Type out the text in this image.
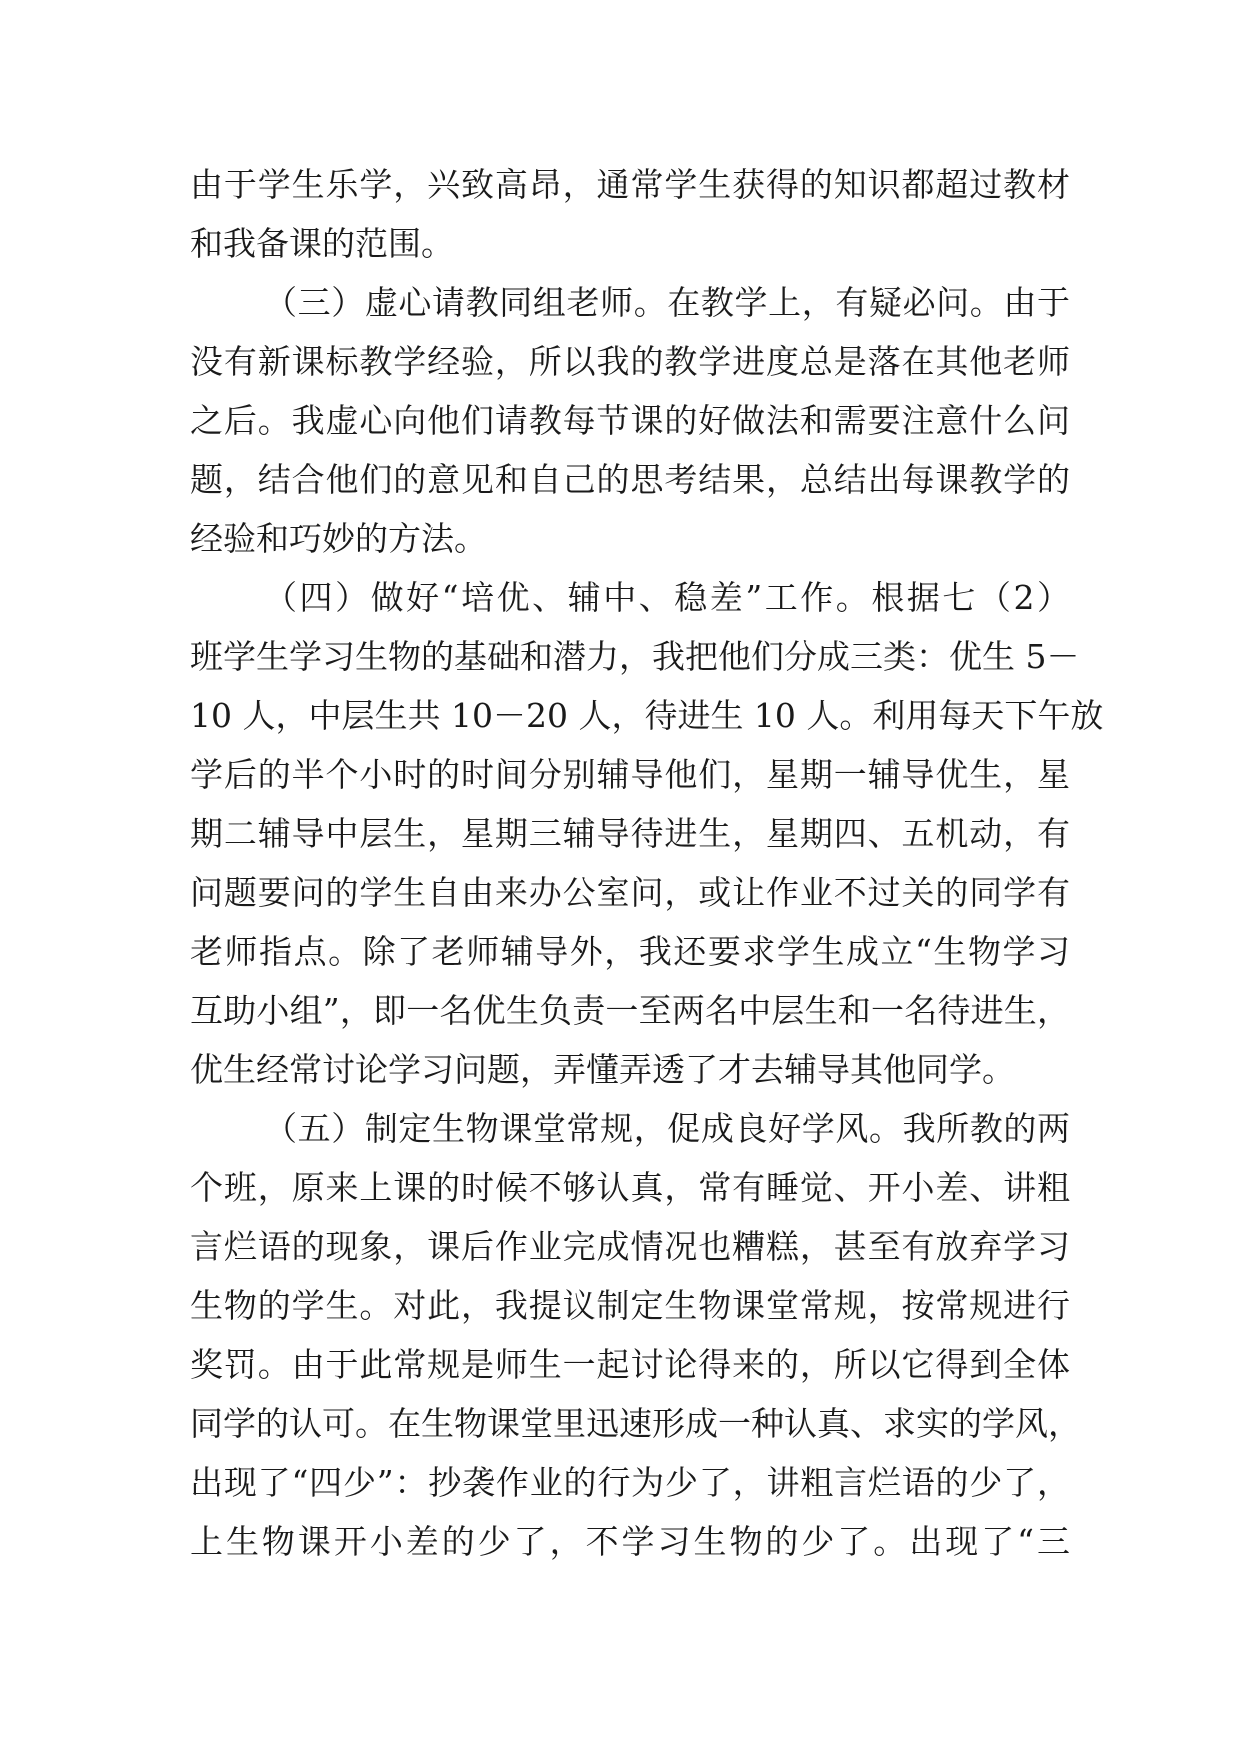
由于学生乐学，兴致高昂，通常学生获得的知识都超过教材
和我备课的范围。
（三）虚心请教同组老师。在教学上，有疑必问。由于
没有新课标教学经验，所以我的教学进度总是落在其他老师
之后。我虚心向他们请教每节课的好做法和需要注意什么问
题，结合他们的意见和自己的思考结果，总结出每课教学的
经验和巧妙的方法。
（四）做好“培优、辅中、稳差”工作。根据七（2）
班学生学习生物的基础和潜力，我把他们分成三类：优生 5－
10 人，中层生共 10－20 人，待进生 10 人。利用每天下午放
学后的半个小时的时间分别辅导他们，星期一辅导优生，星
期二辅导中层生，星期三辅导待进生，星期四、五机动，有
问题要问的学生自由来办公室问，或让作业不过关的同学有
老师指点。除了老师辅导外，我还要求学生成立“生物学习
互助小组”，即一名优生负责一至两名中层生和一名待进生，
优生经常讨论学习问题，弄懂弄透了才去辅导其他同学。
（五）制定生物课堂常规，促成良好学风。我所教的两
个班，原来上课的时候不够认真，常有睡觉、开小差、讲粗
言烂语的现象，课后作业完成情况也糟糕，甚至有放弃学习
生物的学生。对此，我提议制定生物课堂常规，按常规进行
奖罚。由于此常规是师生一起讨论得来的，所以它得到全体
同学的认可。在生物课堂里迅速形成一种认真、求实的学风，
出现了“四少”：抄袭作业的行为少了，讲粗言烂语的少了，
上生物课开小差的少了，不学习生物的少了。出现了“三
